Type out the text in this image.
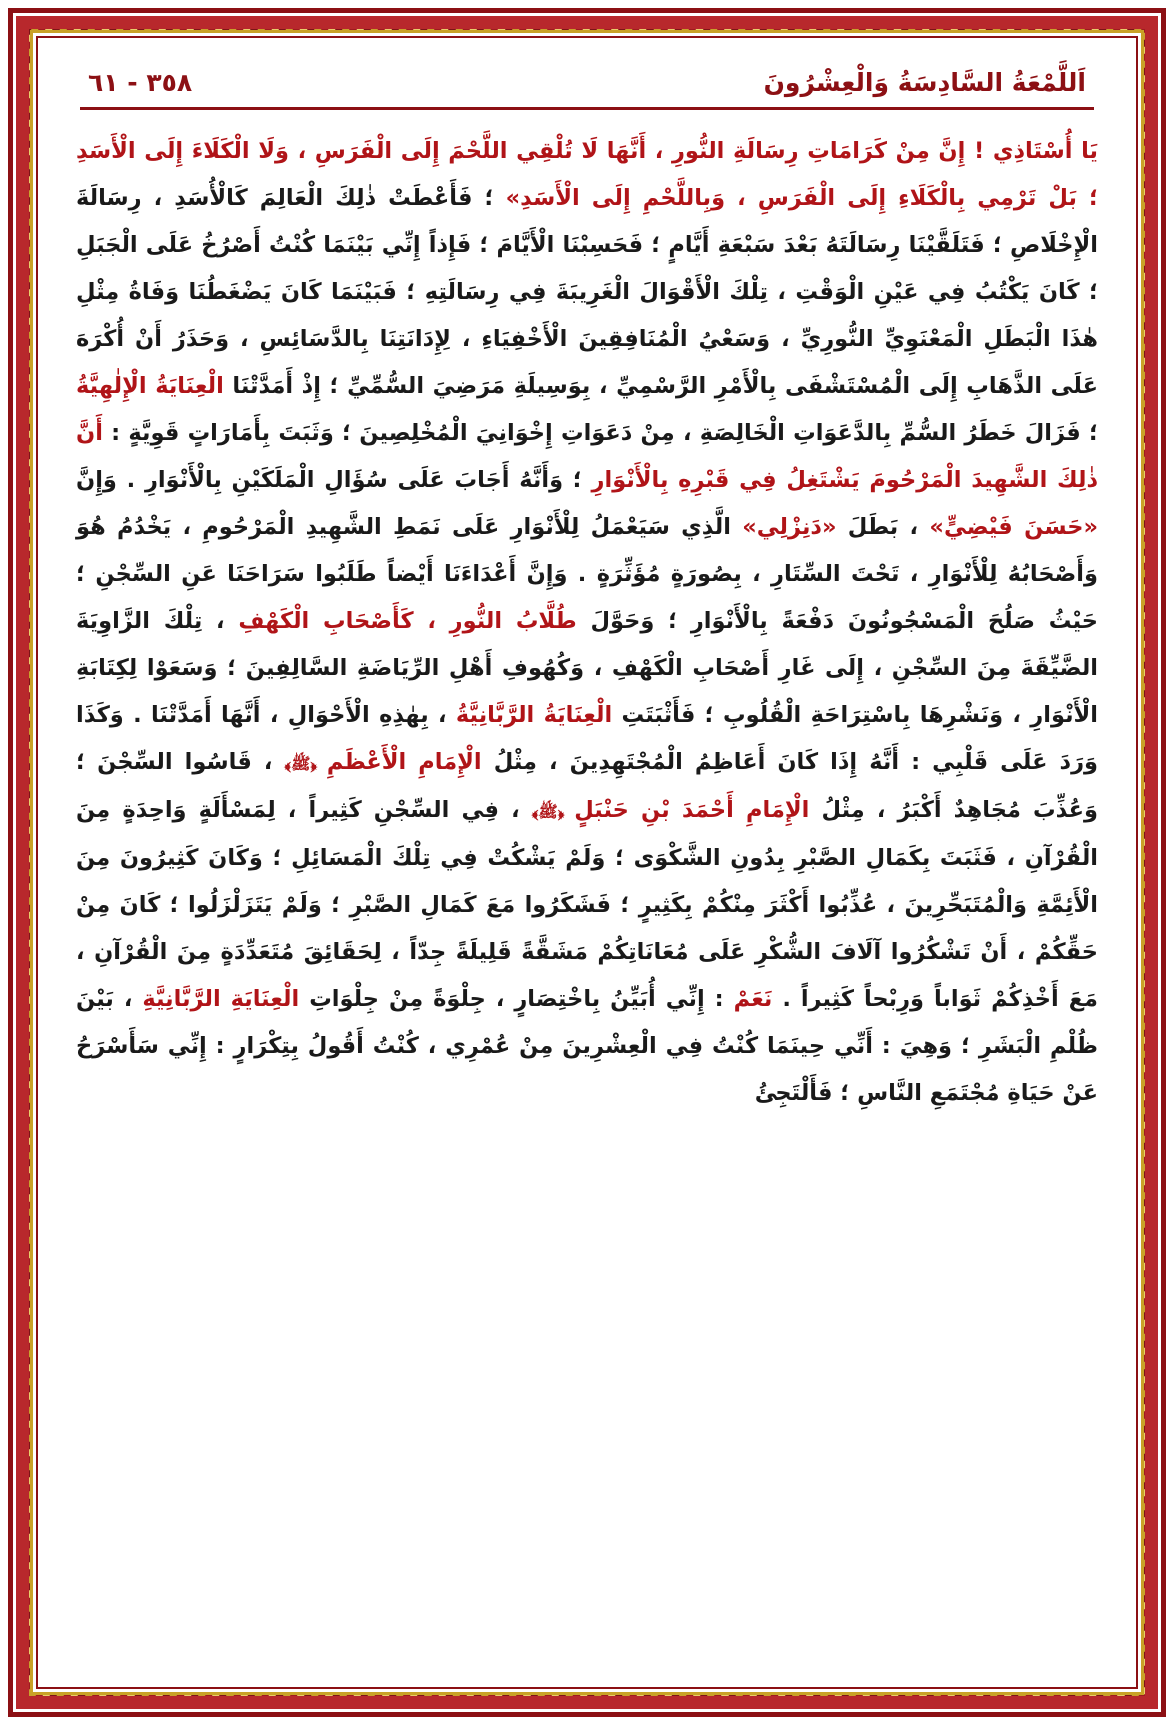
٣٥٨ - ٦١	اَللَّمْعَةُ السَّادِسَةُ وَالْعِشْرُونَ

يَا أُسْتَاذِي ! إِنَّ مِنْ كَرَامَاتِ رِسَالَةِ النُّورِ ، أَنَّهَا لَا تُلْقِي اللَّحْمَ إِلَى الْفَرَسِ ، وَلَا الْكَلَاءَ إِلَى الْأَسَدِ ؛ بَلْ تَرْمِي بِالْكَلَاءِ إِلَى الْفَرَسِ ، وَبِاللَّحْمِ إِلَى الْأَسَدِ» ؛ فَأَعْطَتْ ذٰلِكَ الْعَالِمَ كَالْأُسَدِ ، رِسَالَةَ الْإِخْلَاصِ ؛ فَتَلَقَّيْنَا رِسَالَتَهُ بَعْدَ سَبْعَةِ أَيَّامٍ ؛ فَحَسِبْنَا الْأَيَّامَ ؛ فَإِذاً إِنِّي بَيْنَمَا كُنْتُ أَصْرُخُ عَلَى الْجَبَلِ ؛ كَانَ يَكْتُبُ فِي عَيْنِ الْوَقْتِ ، تِلْكَ الْأَقْوَالَ الْغَرِيبَةَ فِي رِسَالَتِهِ ؛ فَبَيْنَمَا كَانَ يَضْغَطُنَا وَفَاةُ مِثْلِ هٰذَا الْبَطَلِ الْمَعْنَوِيِّ النُّورِيِّ ، وَسَعْيُ الْمُنَافِقِينَ الْأَخْفِيَاءِ ، لِإِدَانَتِنَا بِالدَّسَائِسِ ، وَحَذَرُ أَنْ أُكْرَهَ عَلَى الذَّهَابِ إِلَى الْمُسْتَشْفَى بِالْأَمْرِ الرَّسْمِيِّ ، بِوَسِيلَةِ مَرَضِيَ السُّمِّيِّ ؛ إِذْ أَمَدَّتْنَا الْعِنَايَةُ الْإِلٰهِيَّةُ ؛ فَزَالَ خَطَرُ السُّمِّ بِالدَّعَوَاتِ الْخَالِصَةِ ، مِنْ دَعَوَاتِ إِخْوَانِيَ الْمُخْلِصِينَ ؛ وَثَبَتَ بِأَمَارَاتٍ قَوِيَّةٍ : أَنَّ ذٰلِكَ الشَّهِيدَ الْمَرْحُومَ يَشْتَغِلُ فِي قَبْرِهِ بِالْأَنْوَارِ ؛ وَأَنَّهُ أَجَابَ عَلَى سُؤَالِ الْمَلَكَيْنِ بِالْأَنْوَارِ . وَإِنَّ «حَسَنَ فَيْضِيٍّ» ، بَطَلَ «دَنِزْلِي» الَّذِي سَيَعْمَلُ لِلْأَنْوَارِ عَلَى نَمَطِ الشَّهِيدِ الْمَرْحُومِ ، يَخْدُمُ هُوَ وَأَصْحَابُهُ لِلْأَنْوَارِ ، تَحْتَ السِّتَارِ ، بِصُورَةٍ مُؤَثِّرَةٍ . وَإِنَّ أَعْدَاءَنَا أَيْضاً طَلَبُوا سَرَاحَنَا عَنِ السِّجْنِ ؛ حَيْثُ صَلُحَ الْمَسْجُونُونَ دَفْعَةً بِالْأَنْوَارِ ؛ وَحَوَّلَ طُلَّابُ النُّورِ ، كَأَصْحَابِ الْكَهْفِ ، تِلْكَ الزَّاوِيَةَ الضَّيِّقَةَ مِنَ السِّجْنِ ، إِلَى غَارِ أَصْحَابِ الْكَهْفِ ، وَكُهُوفِ أَهْلِ الرِّيَاضَةِ السَّالِفِينَ ؛ وَسَعَوْا لِكِتَابَةِ الْأَنْوَارِ ، وَنَشْرِهَا بِاسْتِرَاحَةِ الْقُلُوبِ ؛ فَأَثْبَتَتِ الْعِنَايَةُ الرَّبَّانِيَّةُ ، بِهٰذِهِ الْأَحْوَالِ ، أَنَّهَا أَمَدَّتْنَا . وَكَذَا وَرَدَ عَلَى قَلْبِي : أَنَّهُ إِذَا كَانَ أَعَاظِمُ الْمُجْتَهِدِينَ ، مِثْلُ الْإِمَامِ الْأَعْظَمِ ﴿ﷺ﴾ ، قَاسُوا السِّجْنَ ؛ وَعُذِّبَ مُجَاهِدٌ أَكْبَرُ ، مِثْلُ الْإِمَامِ أَحْمَدَ بْنِ حَنْبَلٍ ﴿ﷺ﴾ ، فِي السِّجْنِ كَثِيراً ، لِمَسْأَلَةٍ وَاحِدَةٍ مِنَ الْقُرْآنِ ، فَثَبَتَ بِكَمَالِ الصَّبْرِ بِدُونِ الشَّكْوَى ؛ وَلَمْ يَشْكُتْ فِي تِلْكَ الْمَسَائِلِ ؛ وَكَانَ كَثِيرُونَ مِنَ الْأَئِمَّةِ وَالْمُتَبَحِّرِينَ ، عُذِّبُوا أَكْثَرَ مِنْكُمْ بِكَثِيرٍ ؛ فَشَكَرُوا مَعَ كَمَالِ الصَّبْرِ ؛ وَلَمْ يَتَزَلْزَلُوا ؛ كَانَ مِنْ حَقِّكُمْ ، أَنْ تَشْكُرُوا آلَافَ الشُّكْرِ عَلَى مُعَانَاتِكُمْ مَشَقَّةً قَلِيلَةً جِدّاً ، لِحَقَائِقَ مُتَعَدِّدَةٍ مِنَ الْقُرْآنِ ، مَعَ أَخْذِكُمْ ثَوَاباً وَرِبْحاً كَثِيراً . نَعَمْ : إِنِّي أُبَيِّنُ بِاخْتِصَارٍ ، جِلْوَةً مِنْ جِلْوَاتِ الْعِنَايَةِ الرَّبَّانِيَّةِ ، بَيْنَ ظُلْمِ الْبَشَرِ ؛ وَهِيَ : أَنِّي حِينَمَا كُنْتُ فِي الْعِشْرِينَ مِنْ عُمْرِي ، كُنْتُ أَقُولُ بِتِكْرَارٍ : إِنِّي سَأَسْرَحُ عَنْ حَيَاةِ مُجْتَمَعِ النَّاسِ ؛ فَأَلْتَجِئُ
